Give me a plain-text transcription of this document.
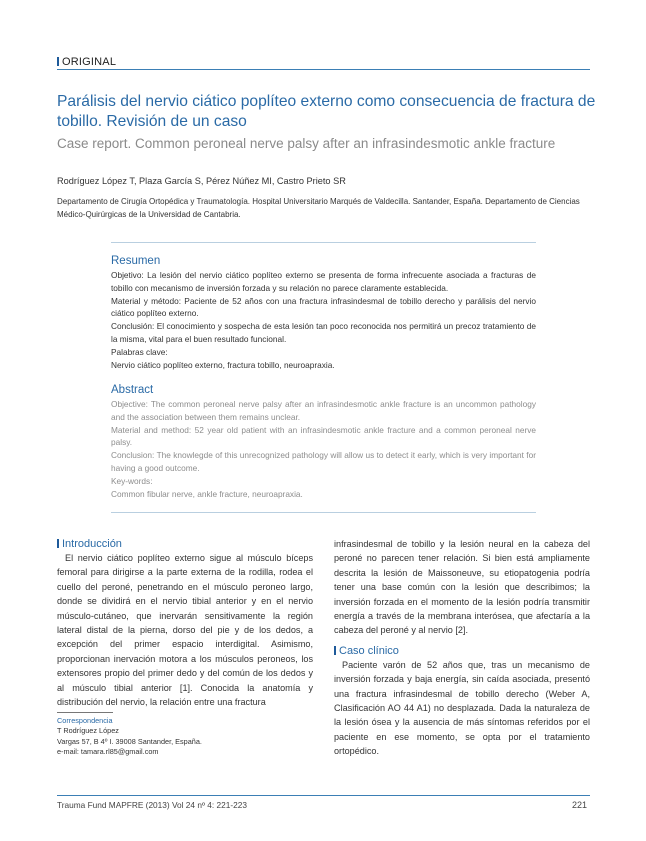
ORIGINAL
Parálisis del nervio ciático poplíteo externo como consecuencia de fractura de tobillo. Revisión de un caso
Case report. Common peroneal nerve palsy after an infrasindesmotic ankle fracture
Rodríguez López T, Plaza García S, Pérez Núñez MI, Castro Prieto SR
Departamento de Cirugía Ortopédica y Traumatología. Hospital Universitario Marqués de Valdecilla. Santander, España. Departamento de Ciencias Médico-Quirúrgicas de la Universidad de Cantabria.
Resumen

Objetivo: La lesión del nervio ciático poplíteo externo se presenta de forma infrecuente asociada a fracturas de tobillo con mecanismo de inversión forzada y su relación no parece claramente establecida.

Material y método: Paciente de 52 años con una fractura infrasindesmal de tobillo derecho y parálisis del nervio ciático poplíteo externo.

Conclusión: El conocimiento y sospecha de esta lesión tan poco reconocida nos permitirá un precoz tratamiento de la misma, vital para el buen resultado funcional.

Palabras clave:

Nervio ciático poplíteo externo, fractura tobillo, neuroapraxia.

Abstract

Objective: The common peroneal nerve palsy after an infrasindesmotic ankle fracture is an uncommon pathology and the association between them remains unclear.

Material and method: 52 year old patient with an infrasindesmotic ankle fracture and a common peroneal nerve palsy.

Conclusion: The knowlegde of this unrecognized pathology will allow us to detect it early, which is very important for having a good outcome.

Key-words:

Common fibular nerve, ankle fracture, neuroapraxia.

Introducción

El nervio ciático poplíteo externo sigue al músculo bíceps femoral para dirigirse a la parte externa de la rodilla, rodea el cuello del peroné, penetrando en el músculo peroneo largo, donde se dividirá en el nervio tibial anterior y en el nervio músculo-cutáneo, que inervarán sensitivamente la región lateral distal de la pierna, dorso del pie y de los dedos, a excepción del primer espacio interdigital. Asimismo, proporcionan inervación motora a los músculos peroneos, los extensores propio del primer dedo y del común de los dedos y al músculo tibial anterior [1]. Conocida la anatomía y distribución del nervio, la relación entre una fractura

infrasindesmal de tobillo y la lesión neural en la cabeza del peroné no parecen tener relación. Si bien está ampliamente descrita la lesión de Maissoneuve, su etiopatogenia podría tener una base común con la lesión que describimos; la inversión forzada en el momento de la lesión podría transmitir energía a través de la membrana interósea, que afectaría a la cabeza del peroné y al nervio [2].

Caso clínico

Paciente varón de 52 años que, tras un mecanismo de inversión forzada y baja energía, sin caída asociada, presentó una fractura infrasindesmal de tobillo derecho (Weber A, Clasificación AO 44 A1) no desplazada. Dada la naturaleza de la lesión ósea y la ausencia de más síntomas referidos por el paciente en ese momento, se opta por el tratamiento ortopédico.

Correspondencia
T Rodríguez López
Vargas 57, B 4º I. 39008 Santander, España.
e-mail: tamara.rl85@gmail.com
Trauma Fund MAPFRE (2013) Vol 24 nº 4: 221-223	221
